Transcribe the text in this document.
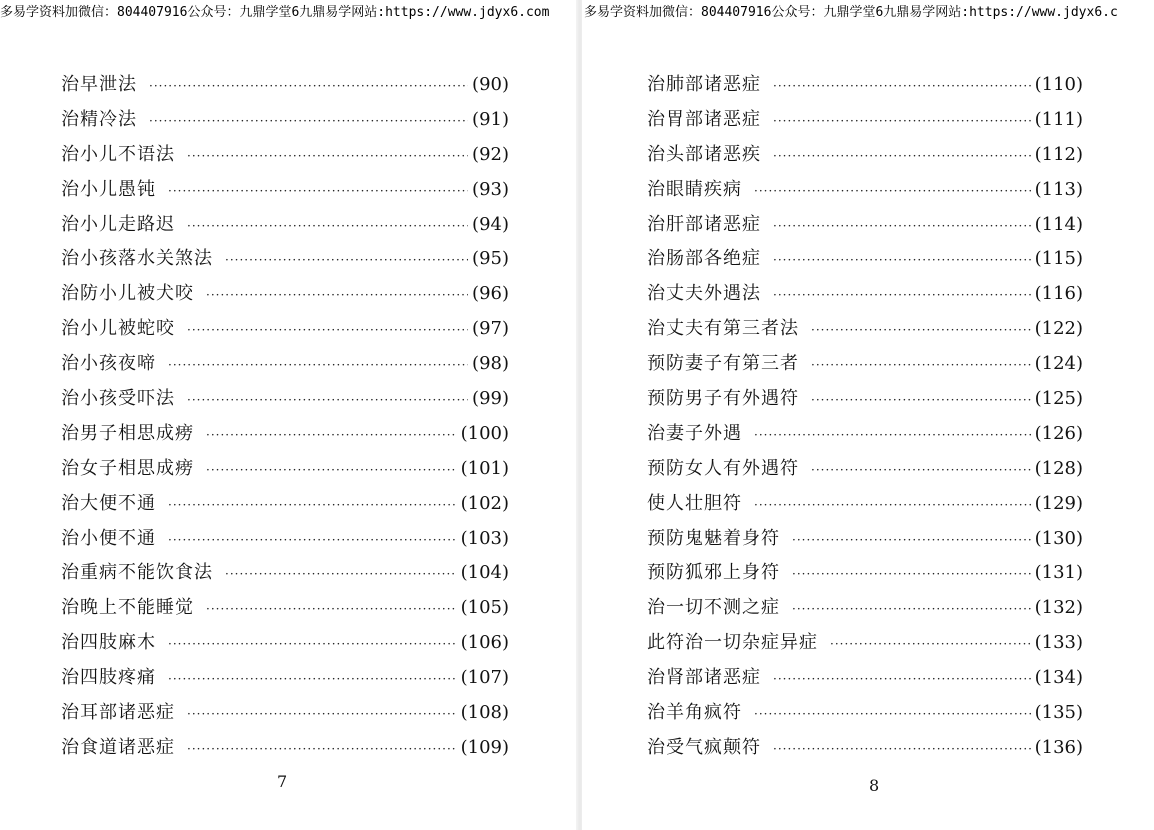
多易学资料加微信：804407916公众号：九鼎学堂6九鼎易学网站:https://www.jdyx6.com
治早泄法 ·····	(90)
治精冷法 ·····	(91)
治小儿不语法 ·····	(92)
治小儿愚钝 ·····	(93)
治小儿走路迟 ·····	(94)
治小孩落水关煞法 ·····	(95)
治防小儿被犬咬 ·····	(96)
治小儿被蛇咬 ·····	(97)
治小孩夜啼 ·····	(98)
治小孩受吓法 ·····	(99)
治男子相思成痨 ·····	(100)
治女子相思成痨 ·····	(101)
治大便不通 ·····	(102)
治小便不通 ·····	(103)
治重病不能饮食法 ·····	(104)
治晚上不能睡觉 ·····	(105)
治四肢麻木 ·····	(106)
治四肢疼痛 ·····	(107)
治耳部诸恶症 ·····	(108)
治食道诸恶症 ·····	(109)
7
多易学资料加微信：804407916公众号：九鼎学堂6九鼎易学网站:https://www.jdyx6.c
治肺部诸恶症 ·····	(110)
治胃部诸恶症 ·····	(111)
治头部诸恶疾 ·····	(112)
治眼睛疾病 ·····	(113)
治肝部诸恶症 ·····	(114)
治肠部各绝症 ·····	(115)
治丈夫外遇法 ·····	(116)
治丈夫有第三者法 ·····	(122)
预防妻子有第三者 ·····	(124)
预防男子有外遇符 ·····	(125)
治妻子外遇 ·····	(126)
预防女人有外遇符 ·····	(128)
使人壮胆符 ·····	(129)
预防鬼魅着身符 ·····	(130)
预防狐邪上身符 ·····	(131)
治一切不测之症 ·····	(132)
此符治一切杂症异症 ·····	(133)
治肾部诸恶症 ·····	(134)
治羊角疯符 ·····	(135)
治受气疯颠符 ·····	(136)
8
